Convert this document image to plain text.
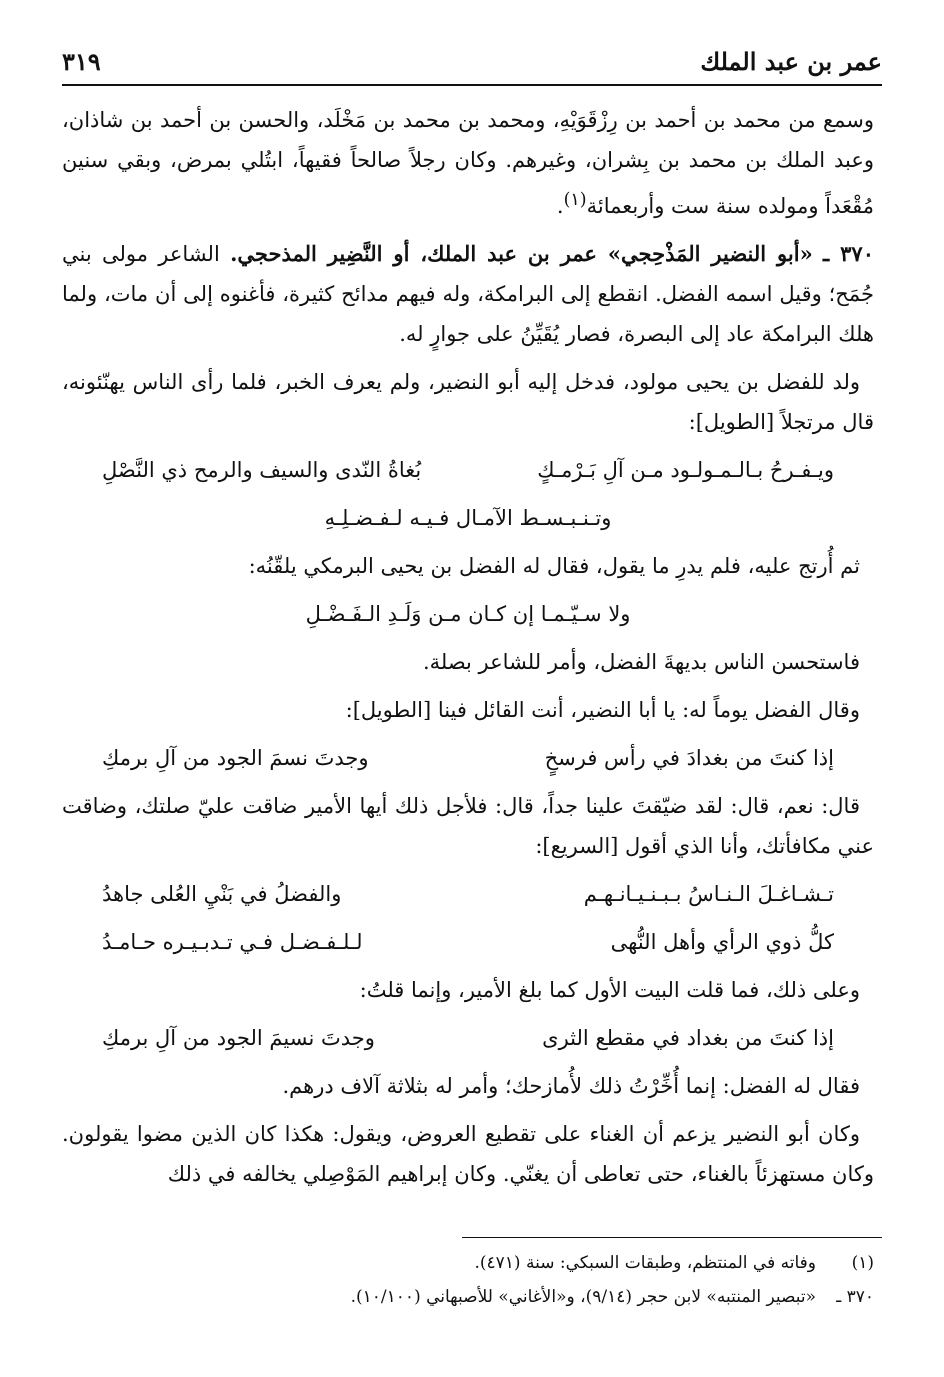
عمر بن عبد الملك
٣١٩

وسمع من محمد بن أحمد بن رِزْقَوَيْهِ، ومحمد بن محمد بن مَخْلَد، والحسن بن أحمد بن شاذان، وعبد الملك بن محمد بن بِشران، وغيرهم. وكان رجلاً صالحاً فقيهاً، ابتُلي بمرض، وبقي سنين مُقْعَداً ومولده سنة ست وأربعمائة$^{(١)}$.

٣٧٠ ـ «أبو النضير المَذْحِجي» عمر بن عبد الملك، أو النَّضِير المذحجي. الشاعر مولى بني جُمَح؛ وقيل اسمه الفضل. انقطع إلى البرامكة، وله فيهم مدائح كثيرة، فأغنوه إلى أن مات، ولما هلك البرامكة عاد إلى البصرة، فصار يُقَيِّنُ على جوارٍ له.

ولد للفضل بن يحيى مولود، فدخل إليه أبو النضير، ولم يعرف الخبر، فلما رأى الناس يهنّئونه، قال مرتجلاً [الطويل]:

ويـفـرحُ بـالـمـولـود مـن آلِ بَـرْمـكٍ
بُغاةُ النّدى والسيف والرمح ذي النَّصْلِ
وتـنـبـسـط الآمـال فـيـه لـفـضـلِـهِ

ثم أُرتج عليه، فلم يدرِ ما يقول، فقال له الفضل بن يحيى البرمكي يلقّنُه:

ولا سـيّـمـا إن كـان مـن وَلَـدِ الـفَـضْـلِ

فاستحسن الناس بديهةَ الفضل، وأمر للشاعر بصلة.

وقال الفضل يوماً له: يا أبا النضير، أنت القائل فينا [الطويل]:

إذا كنتَ من بغدادَ في رأس فرسخٍ
وجدتَ نسمَ الجود من آلِ برمكِ

قال: نعم، قال: لقد ضيّقتَ علينا جداً، قال: فلأجل ذلك أيها الأمير ضاقت عليّ صلتك، وضاقت عني مكافأتك، وأنا الذي أقول [السريع]:

تـشـاغـلَ الـنـاسُ بـبـنـيـانـهـم
والفضلُ في بَنْيِ العُلى جاهدُ
كلُّ ذوي الرأي وأهل النُّهى
لـلـفـضـل فـي تـدبـيـره حـامـدُ

وعلى ذلك، فما قلت البيت الأول كما بلغ الأمير، وإنما قلتُ:

إذا كنتَ من بغداد في مقطع الثرى
وجدتَ نسيمَ الجود من آلِ برمكِ

فقال له الفضل: إنما أُخِّرْتُ ذلك لأُمازحك؛ وأمر له بثلاثة آلاف درهم.

وكان أبو النضير يزعم أن الغناء على تقطيع العروض، ويقول: هكذا كان الذين مضوا يقولون. وكان مستهزئاً بالغناء، حتى تعاطى أن يغنّي. وكان إبراهيم المَوْصِلي يخالفه في ذلك

(١)
وفاته في المنتظم، وطبقات السبكي: سنة (٤٧١).
٣٧٠ ـ
«تبصير المنتبه» لابن حجر (٩/١٤)، و«الأغاني» للأصبهاني (١٠/١٠٠).
